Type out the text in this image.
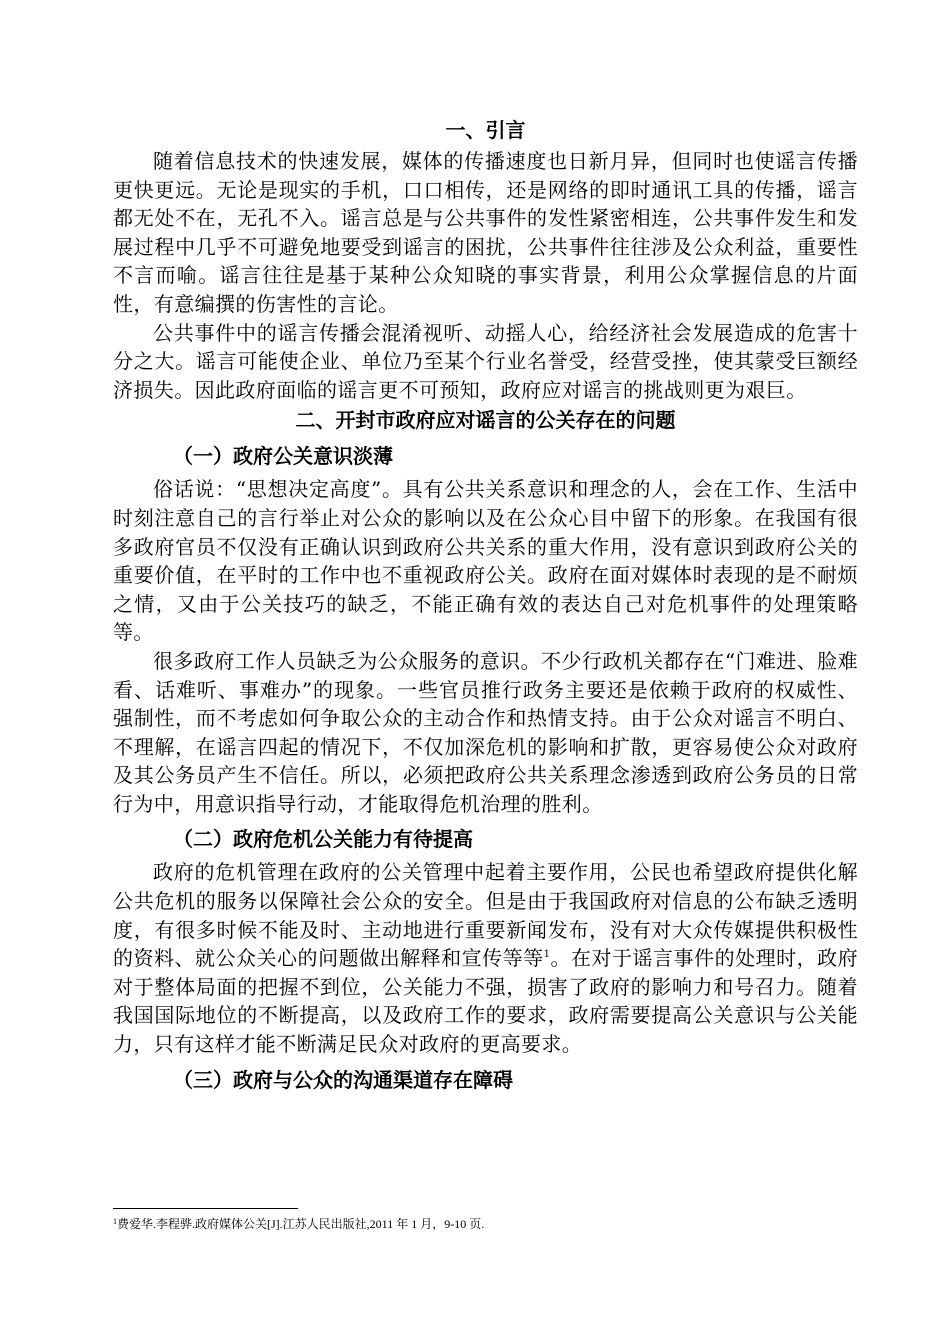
一、引言

随着信息技术的快速发展，媒体的传播速度也日新月异，但同时也使谣言传播更快更远。无论是现实的手机，口口相传，还是网络的即时通讯工具的传播，谣言都无处不在，无孔不入。谣言总是与公共事件的发性紧密相连，公共事件发生和发展过程中几乎不可避免地要受到谣言的困扰，公共事件往往涉及公众利益，重要性不言而喻。谣言往往是基于某种公众知晓的事实背景，利用公众掌握信息的片面性，有意编撰的伤害性的言论。

公共事件中的谣言传播会混淆视听、动摇人心，给经济社会发展造成的危害十分之大。谣言可能使企业、单位乃至某个行业名誉受，经营受挫，使其蒙受巨额经济损失。因此政府面临的谣言更不可预知，政府应对谣言的挑战则更为艰巨。

二、开封市政府应对谣言的公关存在的问题
（一）政府公关意识淡薄

俗话说：“思想决定高度”。具有公共关系意识和理念的人，会在工作、生活中时刻注意自己的言行举止对公众的影响以及在公众心目中留下的形象。在我国有很多政府官员不仅没有正确认识到政府公共关系的重大作用，没有意识到政府公关的重要价值，在平时的工作中也不重视政府公关。政府在面对媒体时表现的是不耐烦之情，又由于公关技巧的缺乏，不能正确有效的表达自己对危机事件的处理策略等。

很多政府工作人员缺乏为公众服务的意识。不少行政机关都存在“门难进、脸难看、话难听、事难办”的现象。一些官员推行政务主要还是依赖于政府的权威性、强制性，而不考虑如何争取公众的主动合作和热情支持。由于公众对谣言不明白、不理解，在谣言四起的情况下，不仅加深危机的影响和扩散，更容易使公众对政府及其公务员产生不信任。所以，必须把政府公共关系理念渗透到政府公务员的日常行为中，用意识指导行动，才能取得危机治理的胜利。

（二）政府危机公关能力有待提高

政府的危机管理在政府的公关管理中起着主要作用，公民也希望政府提供化解公共危机的服务以保障社会公众的安全。但是由于我国政府对信息的公布缺乏透明度，有很多时候不能及时、主动地进行重要新闻发布，没有对大众传媒提供积极性的资料、就公众关心的问题做出解释和宣传等等$^1$。在对于谣言事件的处理时，政府对于整体局面的把握不到位，公关能力不强，损害了政府的影响力和号召力。随着我国国际地位的不断提高，以及政府工作的要求，政府需要提高公关意识与公关能力，只有这样才能不断满足民众对政府的更高要求。

（三）政府与公众的沟通渠道存在障碍
$^1$费爱华.李程骅.政府媒体公关[J].江苏人民出版社,2011 年 1 月，9-10 页.
